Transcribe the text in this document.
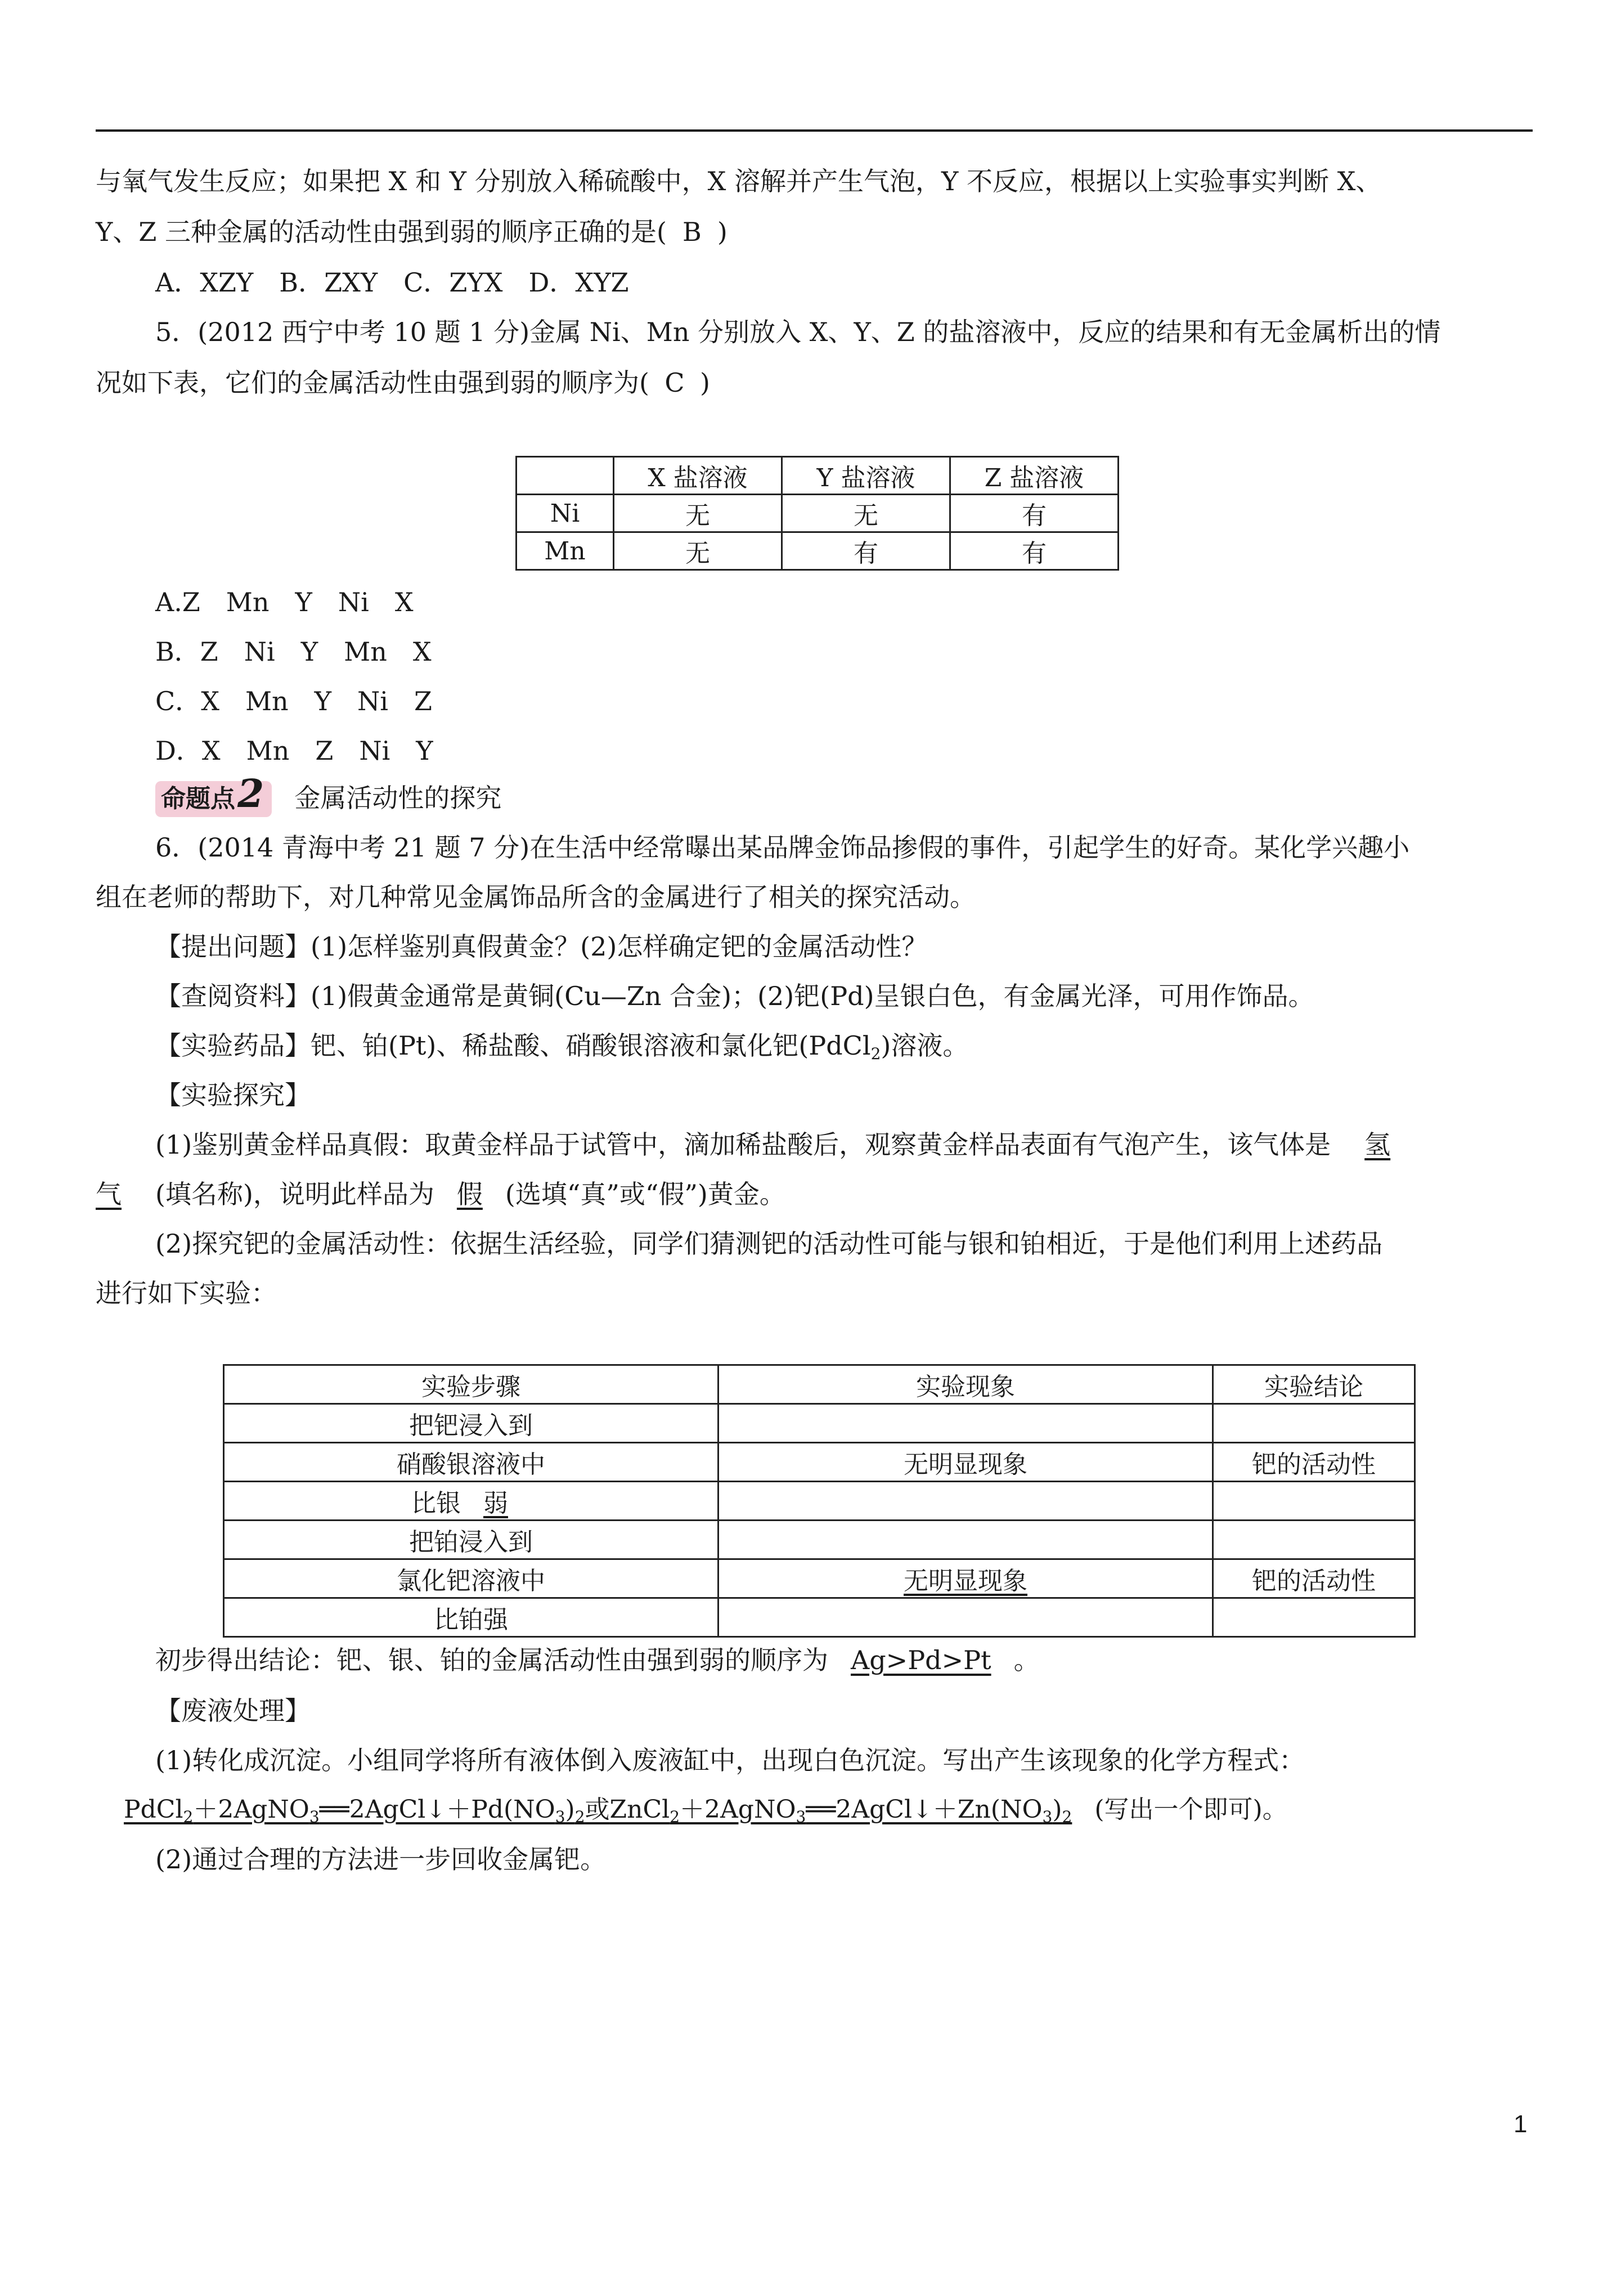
与氧气发生反应；如果把 X 和 Y 分别放入稀硫酸中，X 溶解并产生气泡，Y 不反应，根据以上实验事实判断 X、
Y、Z 三种金属的活动性由强到弱的顺序正确的是( B )
A．XZY　B．ZXY　C．ZYX　D．XYZ
5．(2012 西宁中考 10 题 1 分)金属 Ni、Mn 分别放入 X、Y、Z 的盐溶液中，反应的结果和有无金属析出的情
况如下表，它们的金属活动性由强到弱的顺序为( C )
	X 盐溶液	Y 盐溶液	Z 盐溶液
Ni	无	无	有
Mn	无	有	有
A.Z　Mn　Y　Ni　X
B．Z　Ni　Y　Mn　X
C．X　Mn　Y　Ni　Z
D．X　Mn　Z　Ni　Y
命题点2 金属活动性的探究
6．(2014 青海中考 21 题 7 分)在生活中经常曝出某品牌金饰品掺假的事件，引起学生的好奇。某化学兴趣小
组在老师的帮助下，对几种常见金属饰品所含的金属进行了相关的探究活动。
【提出问题】(1)怎样鉴别真假黄金？(2)怎样确定钯的金属活动性？
【查阅资料】(1)假黄金通常是黄铜(Cu—Zn 合金)；(2)钯(Pd)呈银白色，有金属光泽，可用作饰品。
【实验药品】钯、铂(Pt)、稀盐酸、硝酸银溶液和氯化钯(PdCl$_2$)溶液。
【实验探究】
(1)鉴别黄金样品真假：取黄金样品于试管中，滴加稀盐酸后，观察黄金样品表面有气泡产生，该气体是 氢
气 (填名称)，说明此样品为 假 (选填“真”或“假”)黄金。
(2)探究钯的金属活动性：依据生活经验，同学们猜测钯的活动性可能与银和铂相近，于是他们利用上述药品
进行如下实验：
实验步骤	实验现象	实验结论
把钯浸入到		
硝酸银溶液中	无明显现象	钯的活动性
比银 弱		
把铂浸入到		
氯化钯溶液中	无明显现象	钯的活动性
比铂强		
初步得出结论：钯、银、铂的金属活动性由强到弱的顺序为 Ag>Pd>Pt 。
【废液处理】
(1)转化成沉淀。小组同学将所有液体倒入废液缸中，出现白色沉淀。写出产生该现象的化学方程式：
$PdCl_2+2AgNO_3══2AgCl↓+Pd(NO_3)_2$或$ZnCl_2+2AgNO_3══2AgCl↓+Zn(NO_3)_2$ (写出一个即可)。
(2)通过合理的方法进一步回收金属钯。
1
